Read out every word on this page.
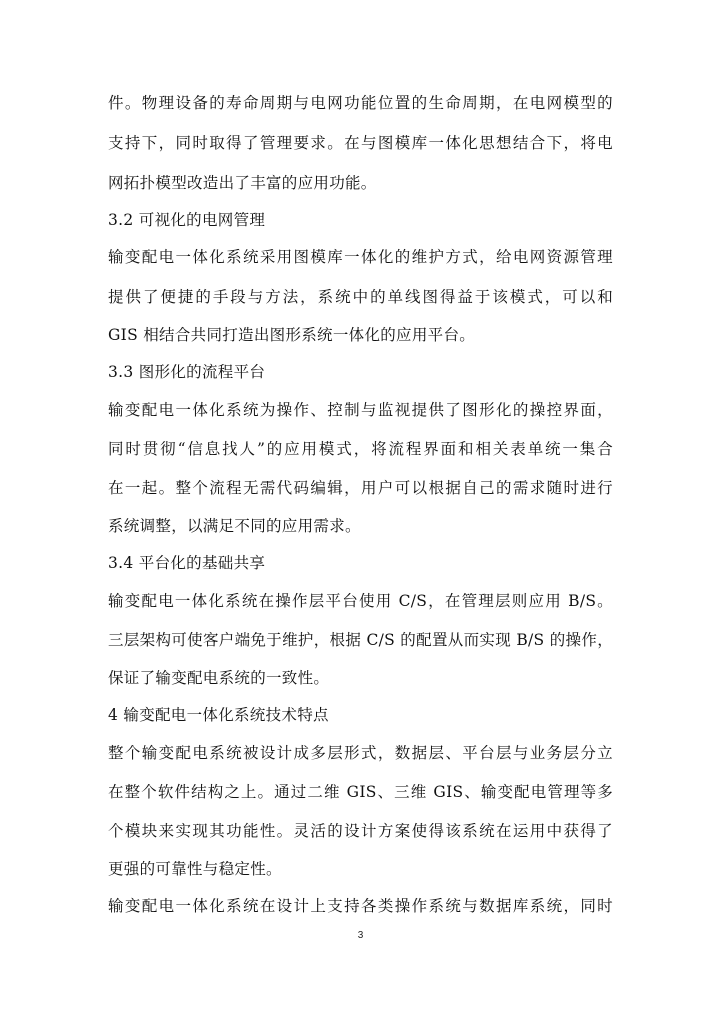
件。物理设备的寿命周期与电网功能位置的生命周期，在电网模型的
支持下，同时取得了管理要求。在与图模库一体化思想结合下，将电
网拓扑模型改造出了丰富的应用功能。
3.2 可视化的电网管理
输变配电一体化系统采用图模库一体化的维护方式，给电网资源管理
提供了便捷的手段与方法，系统中的单线图得益于该模式，可以和
GIS 相结合共同打造出图形系统一体化的应用平台。
3.3 图形化的流程平台
输变配电一体化系统为操作、控制与监视提供了图形化的操控界面，
同时贯彻“信息找人”的应用模式，将流程界面和相关表单统一集合
在一起。整个流程无需代码编辑，用户可以根据自己的需求随时进行
系统调整，以满足不同的应用需求。
3.4 平台化的基础共享
输变配电一体化系统在操作层平台使用 C/S，在管理层则应用 B/S。
三层架构可使客户端免于维护，根据 C/S 的配置从而实现 B/S 的操作，
保证了输变配电系统的一致性。
4 输变配电一体化系统技术特点
整个输变配电系统被设计成多层形式，数据层、平台层与业务层分立
在整个软件结构之上。通过二维 GIS、三维 GIS、输变配电管理等多
个模块来实现其功能性。灵活的设计方案使得该系统在运用中获得了
更强的可靠性与稳定性。
输变配电一体化系统在设计上支持各类操作系统与数据库系统，同时
3
